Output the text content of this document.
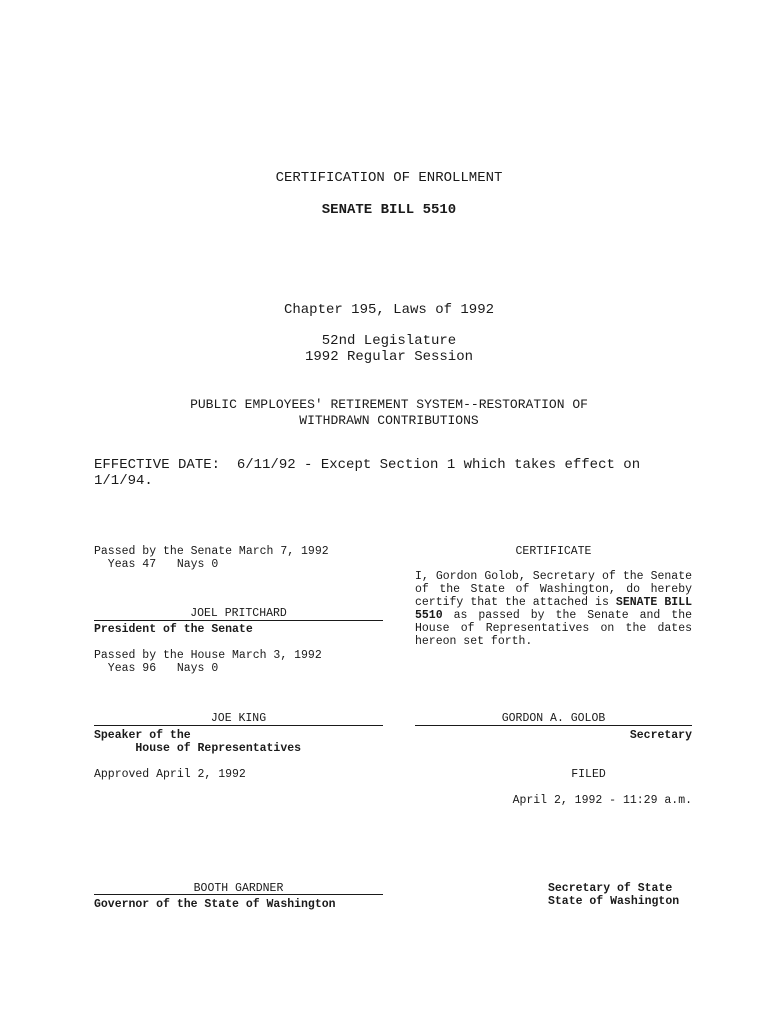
CERTIFICATION OF ENROLLMENT
SENATE BILL 5510
Chapter 195, Laws of 1992
52nd Legislature
1992 Regular Session
PUBLIC EMPLOYEES' RETIREMENT SYSTEM--RESTORATION OF
WITHDRAWN CONTRIBUTIONS
EFFECTIVE DATE:  6/11/92 - Except Section 1 which takes effect on
1/1/94.
Passed by the Senate March 7, 1992
Yeas 47   Nays 0
JOEL PRITCHARD
President of the Senate
Passed by the House March 3, 1992
Yeas 96   Nays 0
JOE KING
Speaker of the
House of Representatives
Approved April 2, 1992
BOOTH GARDNER
Governor of the State of Washington
CERTIFICATE
I, Gordon Golob, Secretary of the Senate of the State of Washington, do hereby certify that the attached is SENATE BILL 5510 as passed by the Senate and the House of Representatives on the dates hereon set forth.
GORDON A. GOLOB
Secretary
FILED
April 2, 1992 - 11:29 a.m.
Secretary of State
State of Washington
